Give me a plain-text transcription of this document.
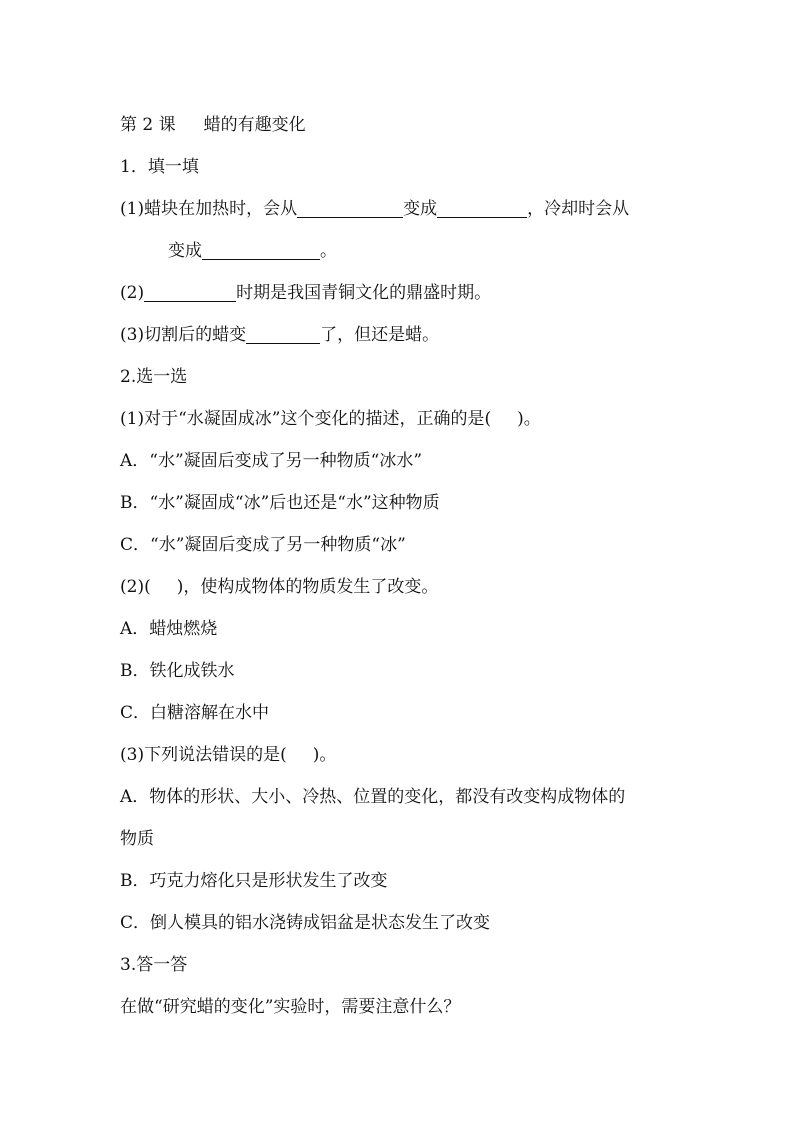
第 2 课 蜡的有趣变化
1．填一填
(1)蜡块在加热时，会从	变成	，冷却时会从
变成	。
(2)	时期是我国青铜文化的鼎盛时期。
(3)切割后的蜡变	了，但还是蜡。
2.选一选
(1)对于“水凝固成冰”这个变化的描述，正确的是( )。
A．“水”凝固后变成了另一种物质“冰水”
B．“水”凝固成“冰”后也还是“水”这种物质
C．“水”凝固后变成了另一种物质“冰”
(2)( )，使构成物体的物质发生了改变。
A．蜡烛燃烧
B．铁化成铁水
C．白糖溶解在水中
(3)下列说法错误的是( )。
A．物体的形状、大小、冷热、位置的变化，都没有改变构成物体的
物质
B．巧克力熔化只是形状发生了改变
C．倒人模具的铝水浇铸成铝盆是状态发生了改变
3.答一答
在做“研究蜡的变化”实验时，需要注意什么？
